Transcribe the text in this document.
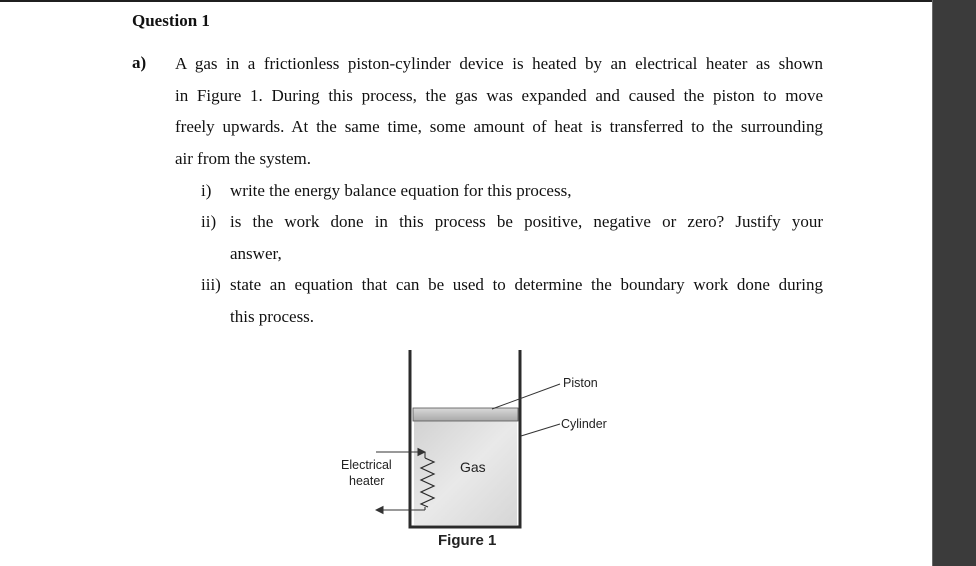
Question 1
a) A gas in a frictionless piston-cylinder device is heated by an electrical heater as shown
in Figure 1. During this process, the gas was expanded and caused the piston to move
freely upwards. At the same time, some amount of heat is transferred to the surrounding
air from the system.
i) write the energy balance equation for this process,
ii) is the work done in this process be positive, negative or zero? Justify your
answer,
iii) state an equation that can be used to determine the boundary work done during
this process.
Piston
Cylinder
Gas
Electrical
heater
Figure 1
